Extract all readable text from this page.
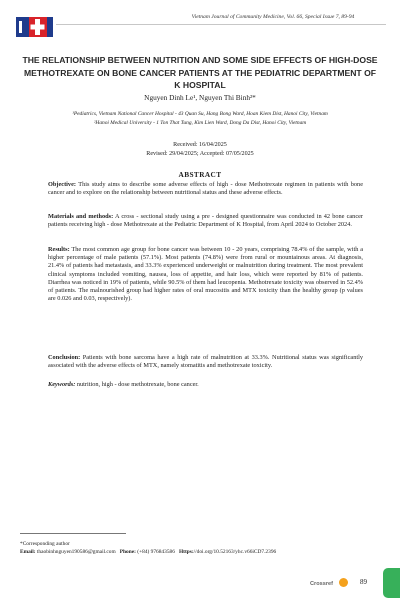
Vietnam Journal of Community Medicine, Vol. 66, Special Issue 7, 89-94
THE RELATIONSHIP BETWEEN NUTRITION AND SOME SIDE EFFECTS OF HIGH-DOSE METHOTREXATE ON BONE CANCER PATIENTS AT THE PEDIATRIC DEPARTMENT OF K HOSPITAL

Nguyen Dinh Le¹, Nguyen Thi Binh²*

¹Pediatrics, Vietnam National Cancer Hospital - 43 Quan Su, Hang Bong Ward, Hoan Kiem Dist, Hanoi City, Vietnam

²Hanoi Medical University - 1 Ton That Tung, Kim Lien Ward, Dong Da Dist, Hanoi City, Vietnam

Received: 16/04/2025
Revised: 29/04/2025; Accepted: 07/05/2025
ABSTRACT

Objective: This study aims to describe some adverse effects of high - dose Methotrexate regimen in patients with bone cancer and to explore on the relationship between nutritional status and these adverse effects.

Materials and methods: A cross - sectional study using a pre - designed questionnaire was conducted in 42 bone cancer patients receiving high - dose Methotrexate at the Pediatric Department of K Hospital, from April 2024 to October 2024.

Results: The most common age group for bone cancer was between 10 - 20 years, comprising 78.4% of the sample, with a higher percentage of male patients (57.1%). Most patients (74.8%) were from rural or mountainous areas. At diagnosis, 21.4% of patients had metastasis, and 33.3% experienced underweight or malnutrition during treatment. The most prevalent clinical symptoms included vomiting, nausea, loss of appetite, and hair loss, which were reported by 81% of patients. Diarrhea was noticed in 19% of patients, while 90.5% of them had leucopenia. Methotrexate toxicity was observed in 52.4% of patients. The malnourished group had higher rates of oral mucositis and MTX toxicity than the healthy group (p values are 0.026 and 0.03, respectively).

Conclusion: Patients with bone sarcoma have a high rate of malnutrition at 33.3%. Nutritional status was significantly associated with the adverse effects of MTX, namely stomatitis and methotrexate toxicity.

Keywords: nutrition, high - dose methotrexate, bone cancer.

*Corresponding author

Email: thaobinhnguyen190586@gmail.com Phone: (+84) 976843586 Https://doi.org/10.52163/yhc.v66iCD7.2396

Crossref	89
